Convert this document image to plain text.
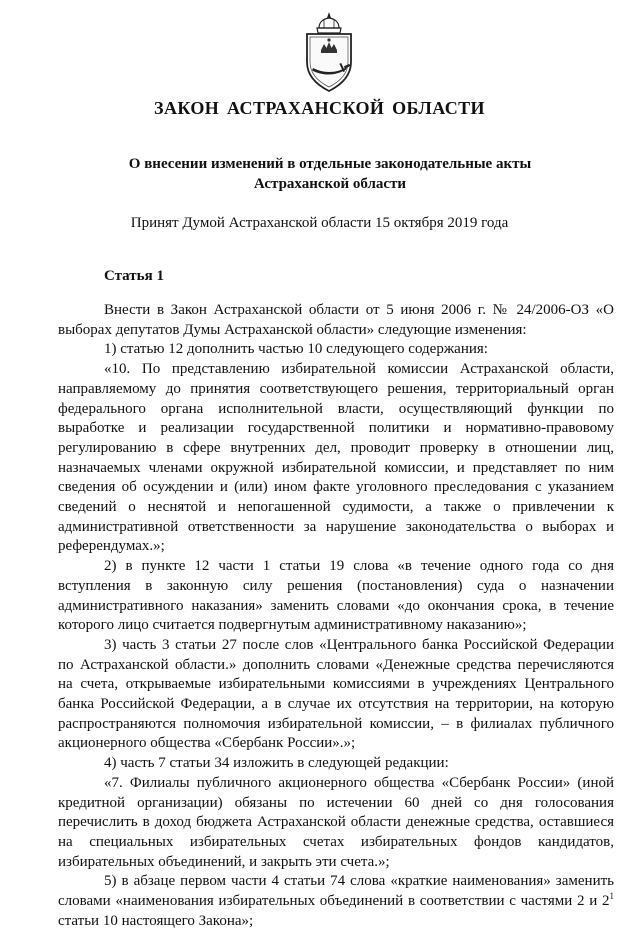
ЗАКОН АСТРАХАНСКОЙ ОБЛАСТИ
О внесении изменений в отдельные законодательные акты
Астраханской области
Принят Думой Астраханской области 15 октября 2019 года
Статья 1

Внести в Закон Астраханской области от 5 июня 2006 г. № 24/2006-ОЗ «О выборах депутатов Думы Астраханской области» следующие изменения:

1) статью 12 дополнить частью 10 следующего содержания:

«10. По представлению избирательной комиссии Астраханской области, направляемому до принятия соответствующего решения, территориальный орган федерального органа исполнительной власти, осуществляющий функции по выработке и реализации государственной политики и нормативно-правовому регулированию в сфере внутренних дел, проводит проверку в отношении лиц, назначаемых членами окружной избирательной комиссии, и представляет по ним сведения об осуждении и (или) ином факте уголовного преследования с указанием сведений о неснятой и непогашенной судимости, а также о привлечении к административной ответственности за нарушение законодательства о выборах и референдумах.»;

2) в пункте 12 части 1 статьи 19 слова «в течение одного года со дня вступления в законную силу решения (постановления) суда о назначении административного наказания» заменить словами «до окончания срока, в течение которого лицо считается подвергнутым административному наказанию»;

3) часть 3 статьи 27 после слов «Центрального банка Российской Федерации по Астраханской области.» дополнить словами «Денежные средства перечисляются на счета, открываемые избирательными комиссиями в учреждениях Центрального банка Российской Федерации, а в случае их отсутствия на территории, на которую распространяются полномочия избирательной комиссии, – в филиалах публичного акционерного общества «Сбербанк России».»;

4) часть 7 статьи 34 изложить в следующей редакции:

«7. Филиалы публичного акционерного общества «Сбербанк России» (иной кредитной организации) обязаны по истечении 60 дней со дня голосования перечислить в доход бюджета Астраханской области денежные средства, оставшиеся на специальных избирательных счетах избирательных фондов кандидатов, избирательных объединений, и закрыть эти счета.»;

5) в абзаце первом части 4 статьи 74 слова «краткие наименования» заменить словами «наименования избирательных объединений в соответствии с частями 2 и $2^1$ статьи 10 настоящего Закона»;
